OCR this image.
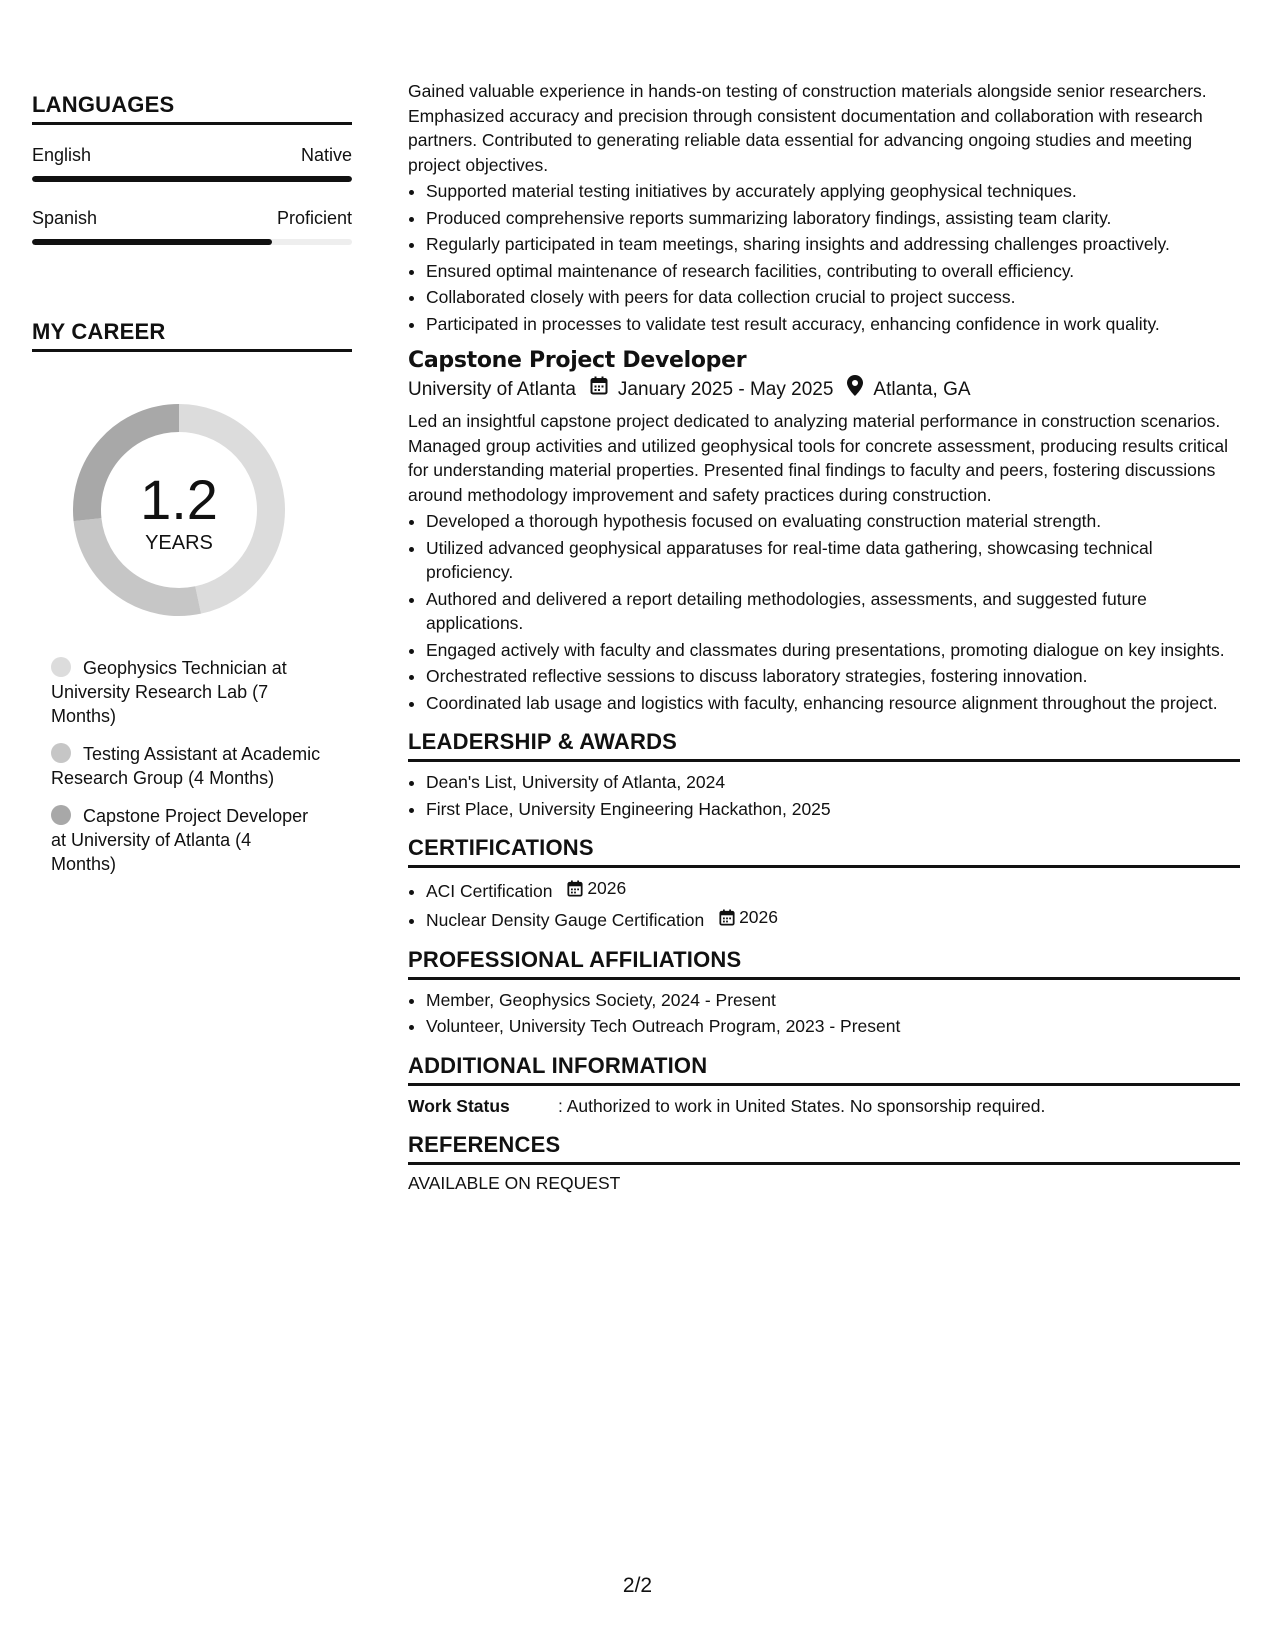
LANGUAGES
English	Native
Spanish	Proficient
MY CAREER
1.2
YEARS
Geophysics Technician at University Research Lab (7 Months)
Testing Assistant at Academic Research Group (4 Months)
Capstone Project Developer at University of Atlanta (4 Months)

Gained valuable experience in hands-on testing of construction materials alongside senior researchers. Emphasized accuracy and precision through consistent documentation and collaboration with research partners. Contributed to generating reliable data essential for advancing ongoing studies and meeting project objectives.

• Supported material testing initiatives by accurately applying geophysical techniques.
• Produced comprehensive reports summarizing laboratory findings, assisting team clarity.
• Regularly participated in team meetings, sharing insights and addressing challenges proactively.
• Ensured optimal maintenance of research facilities, contributing to overall efficiency.
• Collaborated closely with peers for data collection crucial to project success.
• Participated in processes to validate test result accuracy, enhancing confidence in work quality.
Capstone Project Developer
University of Atlanta January 2025 - May 2025 Atlanta, GA

Led an insightful capstone project dedicated to analyzing material performance in construction scenarios. Managed group activities and utilized geophysical tools for concrete assessment, producing results critical for understanding material properties. Presented final findings to faculty and peers, fostering discussions around methodology improvement and safety practices during construction.

• Developed a thorough hypothesis focused on evaluating construction material strength.
• Utilized advanced geophysical apparatuses for real-time data gathering, showcasing technical proficiency.
• Authored and delivered a report detailing methodologies, assessments, and suggested future applications.
• Engaged actively with faculty and classmates during presentations, promoting dialogue on key insights.
• Orchestrated reflective sessions to discuss laboratory strategies, fostering innovation.
• Coordinated lab usage and logistics with faculty, enhancing resource alignment throughout the project.
LEADERSHIP & AWARDS
• Dean's List, University of Atlanta, 2024
• First Place, University Engineering Hackathon, 2025
CERTIFICATIONS
• ACI Certification 2026
• Nuclear Density Gauge Certification 2026
PROFESSIONAL AFFILIATIONS
• Member, Geophysics Society, 2024 - Present
• Volunteer, University Tech Outreach Program, 2023 - Present
ADDITIONAL INFORMATION
Work Status	: Authorized to work in United States. No sponsorship required.
REFERENCES
AVAILABLE ON REQUEST
2/2
